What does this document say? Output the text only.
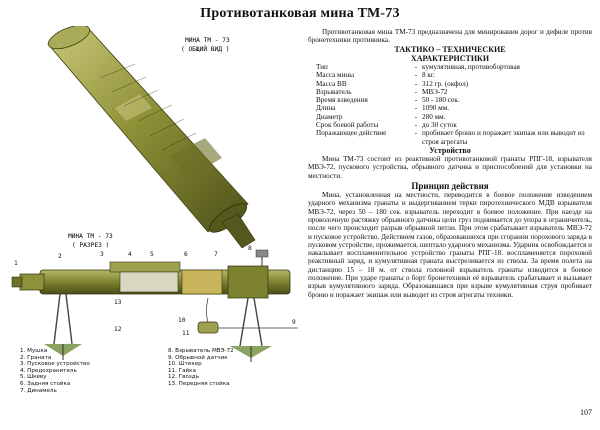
Противотанковая мина ТМ-73
МИНА ТМ - 73
( ОБЩИЙ ВИД )
МИНА ТМ - 73
( РАЗРЕЗ )
1
2	3	4	5	6	7
8
9
10
11
12
13
1. Мушка
2. Граната
3. Пусковое устройство
4. Предохранитель
5. Шкеву
6. Задняя стойка
7. Динамель
8. Взрыватель МВЭ-72
9. Обрывной датчик
10. Штекер
11. Гайка
12. Гвоздь
13. Передняя стойка

Противотанковая мина ТМ-73 предназначена для минирования дорог и дефиле против бронетехники противника.

ТАКТИКО – ТЕХНИЧЕСКИЕ

ХАРАКТЕРИСТИКИ

Тип	-	кумулятивная, противобортовая
Масса мины	-	8 кг.
Масса ВВ	-	312 гр. (окфол)
Взрыватель	-	МВЭ-72
Время взведения	-	50 - 180 сек.
Длина	-	1090 мм.
Диаметр	-	280 мм.
Срок боевой работы	-	до 30 суток
Поражающее действие	-	пробивает броню и поражает экипаж или выводит из строя агрегаты

Устройство

Мина ТМ-73 состоит из реактивной противотанковой гранаты РПГ-18, взрывателя МВЭ-72, пускового устройства, обрывного датчика и приспособлений для установки на местности.

Принцип действия

Мина, установленная на местности, переводится в боевое положение изведением ударного механизма гранаты и выдергиванием терки пиротехнического МДВ взрывателя МВЭ-72, через 50 – 180 сек. взрыватель переходит в боевое положение. При наезде на проволочную растяжку обрывного датчика цели груз поднимается до упора в ограничитель, после чего происходит разрыв обрывной петли. При этом срабатывает взрыватель МВЭ-72 и пусковое устройство. Действием газов, образовавшихся при сгорании порохового заряда в пусковом устройстве, прожимается, шептало ударного механизма. Ударник освобождается и накалывает воспламенительное устройство гранаты РПГ-18. воспламеняется пороховой реактивный заряд, и кумулятивная граната выстреливается из ствола. За время полета на дистанцию 15 – 18 м. от ствола головной взрыватель гранаты изводится в боевое положение. При ударе гранаты о борт бронетехники её взрыватель срабатывает и вызывает взрыв кумулятивного заряда. Образовавшаяся при взрыве кумулятивная струя пробивает броню и поражает экипаж или выводит из строя агрегаты техники.

107
